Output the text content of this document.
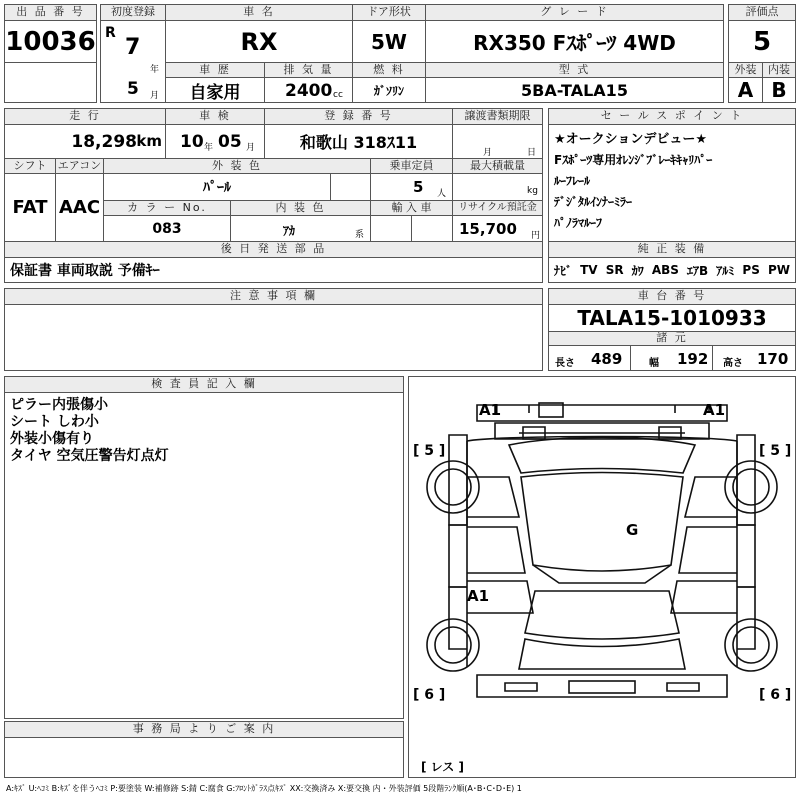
出 品 番 号
10036
初度登録
R
7
年
5 月
車 名
RX
ドア形状
5W
グ レ ー ド
RX350 Fｽﾎﾟｰﾂ 4WD
評価点
5
車 歴
自家用
排 気 量
2400 cc
燃 料
ｶﾞｿﾘﾝ
型 式
5BA-TALA15
外装
A
内装
B
走 行
18,298 km
車 検
10 年 05 月
登 録 番 号
和歌山 318ｽ11
譲渡書類期限
月	日
シフト
FAT
エアコン
AAC
外 装 色
ﾊﾟｰﾙ
乗車定員
5 人
最大積載量
kg
カ ラ ー No.
083
内 装 色
ｱｶ	系
輸 入 車	リサイクル預託金
15,700 円
後 日 発 送 部 品
保証書 車両取説 予備ｷｰ
セ ー ル ス ポ イ ン ト
★オークションデビュー★
Fｽﾎﾟｰﾂ専用ｵﾚﾝｼﾞﾌﾞﾚｰｷｷｬﾘﾊﾟｰ
ﾙｰﾌﾚｰﾙ
ﾃﾞｼﾞﾀﾙｲﾝﾅｰﾐﾗｰ
ﾊﾟﾉﾗﾏﾙｰﾌ
純 正 装 備
ﾅﾋﾞ TV SR ｶﾜ ABS ｴｱB ｱﾙﾐ PS PW
注 意 事 項 欄	車 台 番 号
TALA15-1010933
諸 元
長さ 489	幅 192 高さ 170
検 査 員 記 入 欄
ピラー内張傷小
シート しわ小
外装小傷有り
タイヤ 空気圧警告灯点灯
事 務 局 よ り ご 案 内
A1	A1
G
A1
[ 5 ]	[ 5 ]
[ 6 ]	[ 6 ]
[ レス ]
A:ｷｽﾞ U:ﾍｺﾐ B:ｷｽﾞを伴うﾍｺﾐ P:要塗装 W:補修跡 S:錆 C:腐食 G:ﾌﾛﾝﾄｶﾞﾗｽ点ｷｽﾞ XX:交換済み X:要交換 内・外装評価 5段階ﾗﾝｸ順(A･B･C･D･E) 1
